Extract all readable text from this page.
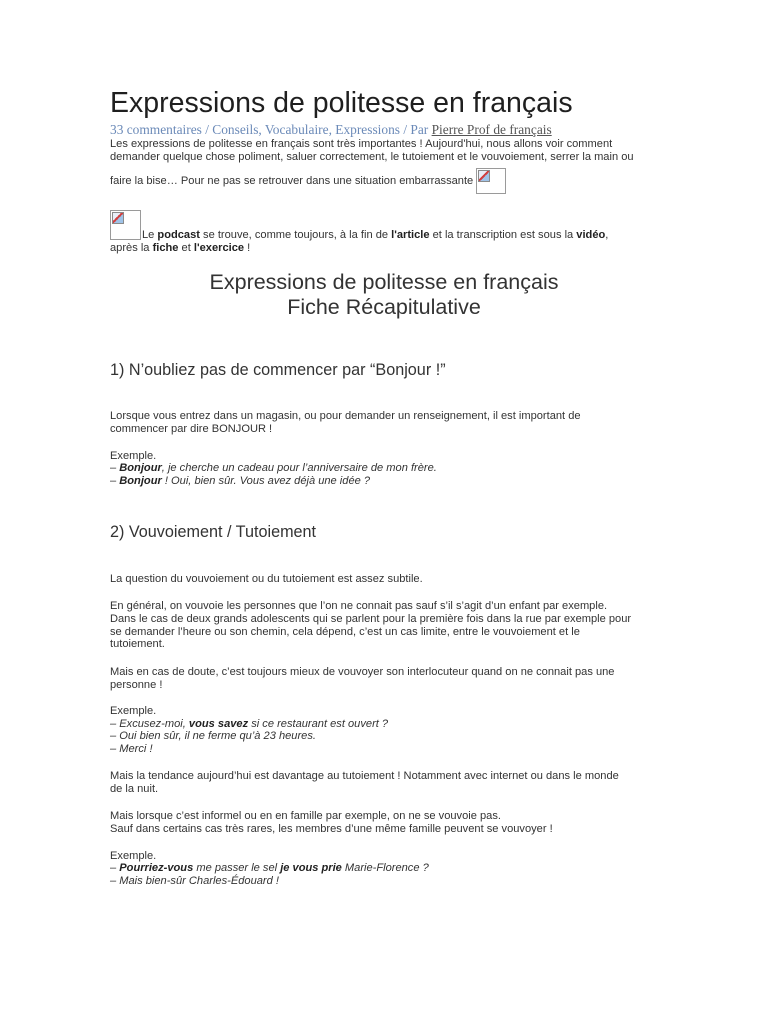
Expressions de politesse en français
33 commentaires / Conseils, Vocabulaire, Expressions / Par Pierre Prof de français

Les expressions de politesse en français sont très importantes ! Aujourd'hui, nous allons voir comment

demander quelque chose poliment, saluer correctement, le tutoiement et le vouvoiement, serrer la main ou

faire la bise… Pour ne pas se retrouver dans une situation embarrassante

Le podcast se trouve, comme toujours, à la fin de l'article et la transcription est sous la vidéo,

après la fiche et l'exercice !

Expressions de politesse en français
Fiche Récapitulative
1) N’oubliez pas de commencer par “Bonjour !”

Lorsque vous entrez dans un magasin, ou pour demander un renseignement, il est important de

commencer par dire BONJOUR !

Exemple.

– Bonjour, je cherche un cadeau pour l’anniversaire de mon frère.

– Bonjour ! Oui, bien sûr. Vous avez déjà une idée ?

2) Vouvoiement / Tutoiement

La question du vouvoiement ou du tutoiement est assez subtile.

En général, on vouvoie les personnes que l’on ne connait pas sauf s’il s’agit d’un enfant par exemple.

Dans le cas de deux grands adolescents qui se parlent pour la première fois dans la rue par exemple pour

se demander l’heure ou son chemin, cela dépend, c’est un cas limite, entre le vouvoiement et le

tutoiement.

Mais en cas de doute, c’est toujours mieux de vouvoyer son interlocuteur quand on ne connait pas une

personne !

Exemple.

– Excusez-moi, vous savez si ce restaurant est ouvert ?

– Oui bien sûr, il ne ferme qu’à 23 heures.

– Merci !

Mais la tendance aujourd’hui est davantage au tutoiement ! Notamment avec internet ou dans le monde

de la nuit.

Mais lorsque c’est informel ou en en famille par exemple, on ne se vouvoie pas.

Sauf dans certains cas très rares, les membres d’une même famille peuvent se vouvoyer !

Exemple.

– Pourriez-vous me passer le sel je vous prie Marie-Florence ?

– Mais bien-sûr Charles-Édouard !
